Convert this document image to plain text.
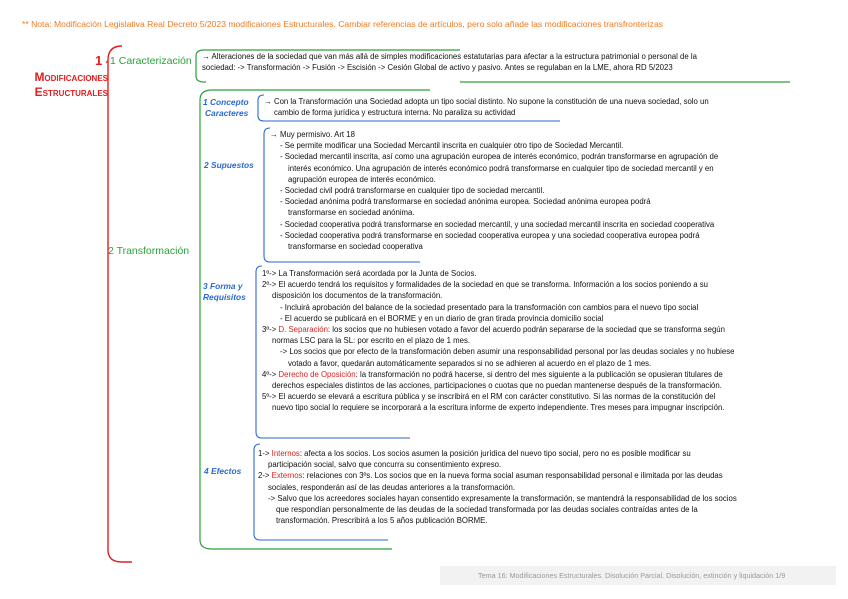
** Nota: Modificación Legislativa Real Decreto 5/2023 modificaiones Estructurales. Cambiar referencias de artículos, pero solo añade las modificaciones transfronterizas
1
Modificaciones
Estructurales
1 Caracterización → Alteraciones de la sociedad que van más allá de simples modificaciones estatutarias para afectar a la estructura patrimonial o personal de la

sociedad: -> Transformación -> Fusión -> Escisión -> Cesión Global de activo y pasivo. Antes se regulaban en la LME, ahora RD 5/2023

2 Transformación
1 Concepto
Caracteres

→ Con la Transformación una Sociedad adopta un tipo social distinto. No supone la constitución de una nueva sociedad, solo un

cambio de forma jurídica y estructura interna. No paraliza su actividad

2 Supuestos

→ Muy permisivo. Art 18

- Se permite modificar una Sociedad Mercantil inscrita en cualquier otro tipo de Sociedad Mercantil.

- Sociedad mercantil inscrita, así como una agrupación europea de interés económico, podrán transformarse en agrupación de

interés económico. Una agrupación de interés económico podrá transformarse en cualquier tipo de sociedad mercantil y en

agrupación europea de interés económico.

- Sociedad civil podrá transformarse en cualquier tipo de sociedad mercantil.

- Sociedad anónima podrá transformarse en sociedad anónima europea. Sociedad anónima europea podrá

transformarse en sociedad anónima.

- Sociedad cooperativa podrá transformarse en sociedad mercantil, y una sociedad mercantil inscrita en sociedad cooperativa

- Sociedad cooperativa podrá transformarse en sociedad cooperativa europea y una sociedad cooperativa europea podrá

transformarse en sociedad cooperativa

3 Forma y
Requisitos

1º-> La Transformación será acordada por la Junta de Socios.

2º-> El acuerdo tendrá los requisitos y formalidades de la sociedad en que se transforma. Información a los socios poniendo a su

disposición los documentos de la transformación.

- Incluirá aprobación del balance de la sociedad presentado para la transformación con cambios para el nuevo tipo social

- El acuerdo se publicará en el BORME y en un diario de gran tirada provincia domicilio social

3º-> D. Separación: los socios que no hubiesen votado a favor del acuerdo podrán separarse de la sociedad que se transforma según

normas LSC para la SL: por escrito en el plazo de 1 mes.

-> Los socios que por efecto de la transformación deben asumir una responsabilidad personal por las deudas sociales y no hubiese

votado a favor, quedarán automáticamente separados si no se adhieren al acuerdo en el plazo de 1 mes.

4º-> Derecho de Oposición: la transformación no podrá hacerse, si dentro del mes siguiente a la publicación se opusieran titulares de

derechos especiales distintos de las acciones, participaciones o cuotas que no puedan mantenerse después de la transformación.

5º-> El acuerdo se elevará a escritura pública y se inscribirá en el RM con carácter constitutivo. Si las normas de la constitución del

nuevo tipo social lo requiere se incorporará a la escritura informe de experto independiente. Tres meses para impugnar inscripción.

4 Efectos

1-> Internos: afecta a los socios. Los socios asumen la posición jurídica del nuevo tipo social, pero no es posible modificar su

participación social, salvo que concurra su consentimiento expreso.

2-> Externos: relaciones con 3ºs. Los socios que en la nueva forma social asuman responsabilidad personal e ilimitada por las deudas

sociales, responderán así de las deudas anteriores a la transformación.

-> Salvo que los acreedores sociales hayan consentido expresamente la transformación, se mantendrá la responsabilidad de los socios

que respondían personalmente de las deudas de la sociedad transformada por las deudas sociales contraídas antes de la

transformación. Prescribirá a los 5 años publicación BORME.

Tema 16: Modificaciones Estructurales. Disolución Parcial. Disolución, extinción y liquidación 1/9
